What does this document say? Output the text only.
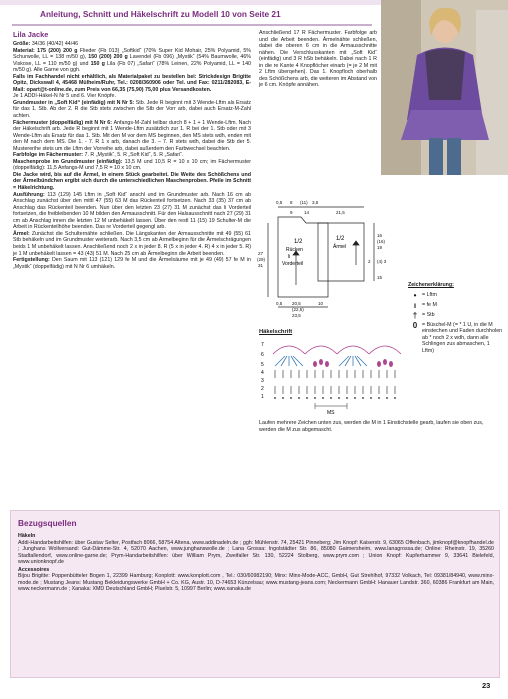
Anleitung, Schnitt und Häkelschrift zu Modell 10 von Seite 21
Lila Jacke

Größe: 34/36 (40/42) 44/46

Material: 175 (200) 200 g Flieder (Fb 013) „Softkid“ (70% Super Kid Mohair, 25% Polyamid, 5% Schurwolle, LL = 138 m/50 g), 150 (200) 200 g Lavendel (Fb 096) „Mystik“ (54% Baumwolle, 46% Viskose, LL = 110 m/50 g) und 150 g Lila (Fb 07) „Safari“ (78% Leinen, 22% Polyamid, LL = 140 m/50 g). Alle Garne von ggh.

Falls im Fachhandel nicht erhältlich, als Materialpaket zu bestellen bei: Strickdesign Brigitte Opitz, Dickswall 4, 45468 Mülheim/Ruhr, Tel.: 0208/360906 oder Tel. und Fax: 0211/282083, E-Mail: opart@t-online.de, zum Preis von 66,35 (75,90) 75,00 plus Versandkosten.

Je 1 ADDI-Häkel-N Nr 5 und 6. Vier Knöpfe.

Grundmuster in „Soft Kid“ (einfädig) mit N Nr 5: Stb. Jede R beginnt mit 3 Wende-Lftm als Ersatz für das 1. Stb. Ab der 2. R die Stb stets zwischen die Stb der Vorr arb, dabei auch Ersatz-M-Zahl achten.

Fächermuster (doppelfädig) mit N Nr 6: Anfangs-M-Zahl teilbar durch 8 + 1 + 1 Wende-Lftm. Nach der Häkelschrift arb. Jede R beginnt mit 1 Wende-Lftm zusätzlich zur 1. R bei der 1. Stb oder mit 3 Wende-Lftm als Ersatz für das 1. Stb. Mit den M vor dem MS beginnen, den MS stets wdh, enden mit den M nach dem MS. Die 1. - 7. R 1 x arb, danach die 3. – 7. R stets wdh, dabei die Stb der 5. Mustererihe stets um die Lftm der Vorreihe arb, dabei außerdem den Farbwechsel beachten.

Farbfolge im Fächermuster: 7. R „Mystik“, 5. R „Soft Kid“, 5. R „Safari“.

Maschenprobe im Grundmuster (einfädig): 13,5 M und 10,5 R = 10 x 10 cm; im Fächermuster (doppelfädig): 11,5 Anfangs-M und 7,5 R = 10 x 10 cm.

Die Jacke wird, bis auf die Ärmel, in einem Stück gearbeitet. Die Weite des Schößchens und der Ärmelbündchen ergibt sich durch die unterschiedlichen Maschenproben. Pfeile im Schnitt = Häkelrichtung.

Ausführung: 113 (129) 145 Lftm in „Soft Kid“ anschl und im Grundmuster arb. Nach 16 cm ab Anschlag zunächst über den mittl 47 (55) 63 M das Rückenteil fortsetzen. Nach 33 (35) 37 cm ab Anschlag das Rückenteil beenden. Nun über den letzten 23 (27) 31 M zunächst das li Vorderteil fortsetzen, die freibleibenden 10 M bilden den Armausschnitt. Für den Halsausschnitt nach 27 (29) 31 cm ab Anschlag innen die letzten 12 M unbehäkelt lassen. Über den restl 11 (15) 19 Schulter-M die Arbeit in Rückenteilhöhe beenden. Das re Vorderteil gegengl arb.

Ärmel: Zunächst die Schulternähte schließen. Die Längskanten der Armausschnitte mit 49 (55) 61 Stb behäkeln und im Grundmuster weiterarb. Nach 3,5 cm ab Armelbeginn für die Ärmelschrägungen beids 1 M unbehäkelt lassen. Anschließend noch 2 x in jeder 8. R (5 x in jeder 4. R) 4 x in jeder 5. R) je 1 M unbehäkelt lassen = 43 (43) 51 M. Nach 25 cm ab Ärmelbeginn die Arbeit beenden.

Fertigstellung: Den Saum mit 113 (121) 129 fe M und die Ärmelsäume mit je 49 (49) 57 fe M in „Mystik“ (doppelfädig) mit N Nr 6 umhäkeln.

Anschließend 17 R Fächermuster. Farbfolge arb und die Arbeit beenden. Ärmelnähte schließen, dabei die oberen 6 cm in die Armausschnitte nähen. Die Verschlusskanten mit „Soft Kid“ (einfädig) und 3 R hSb behäkeln. Dabei nach 1 R in die re Kante 4 Knopflöcher einarb (= je 2 M mit 2 Lftm überqehen). Das 1. Knopfloch oberhalb des Schößchens arb, die weiteren im Abstand von je 6 cm. Knöpfe annähen.

1/2
Rücken
li
Vorderteil
1/2
Ärmel
0,5 8 (11) 3,5
9	14	21,5
27
(29)
31
16
(16)
19
2 (4) 3
15
20,5
(22,5)
23,5
0,5	10
Zeichenerklärung:
•	= Lftm
ı	= fe M
† = Stb
0 = Büschel-M (= * 1 U, in die M einstechen und Faden durchholen ab * noch 2 x wdh, dann alle Schlingen zus abmaschen, 1 Lftm)
Häkelschrift
7
6
5
4
3
2
1
MS
Laufen mehrere Zeichen unten zus, werden die M in 1 Einstichstelle gearb, laufen sie oben zus, werden die M zus abgemascht.
Bezugsquellen

Häkeln

Addi-Handarbeitshilfen: über Gustav Selter, Postfach 8066, 58754 Altena, www.addinadeln.de ; ggh: Mühlenstr. 74, 25421 Pinneberg; Jim Knopf: Kaiserstr. 9, 63065 Offenbach, jimknopf@knopfhandel.de ; Junghans Wollversand: Gut-Dämme-Str. 4, 52070 Aachen, www.junghanswolle.de ; Lana Grossa: Ingolstädter Str. 86, 85080 Gaimersheim, www.lanagrossa.de; Online: Rheinstr. 19, 35260 Stadtallendorf, www.online-garne.de; Prym-Handarbeitshilfen: über William Prym, Zweifaller Str. 130, 52224 Stolberg, www.prym.com ; Union Knopf: Kupferhammer 9, 33641 Bielefeld, www.unionknopf.de

Accessoires

Bijou Brigitte: Poppenbütteler Bogen 1, 22399 Hamburg; Konplott: www.konplott.com , Tel.: 030/60982190; Minx: Minx-Mode-ACC, GmbH, Gut Strehlhof, 97332 Volkach, Tel: 09381/84940, www.minx-mode.de ; Mustang Jeans: Mustang Bekleidungswerke GmbH + Co. KG, Austr. 10, D-74653 Künzelsau; www.mustang-jeans.com; Neckermann GmbH: Hanauer Landstr. 360, 60386 Frankfurt am Main, www.neckermann.de ; Xanaka: XMD Deutschland GmbH; Pluelstr. 5, 10997 Berlin; www.xanaka.de

23
